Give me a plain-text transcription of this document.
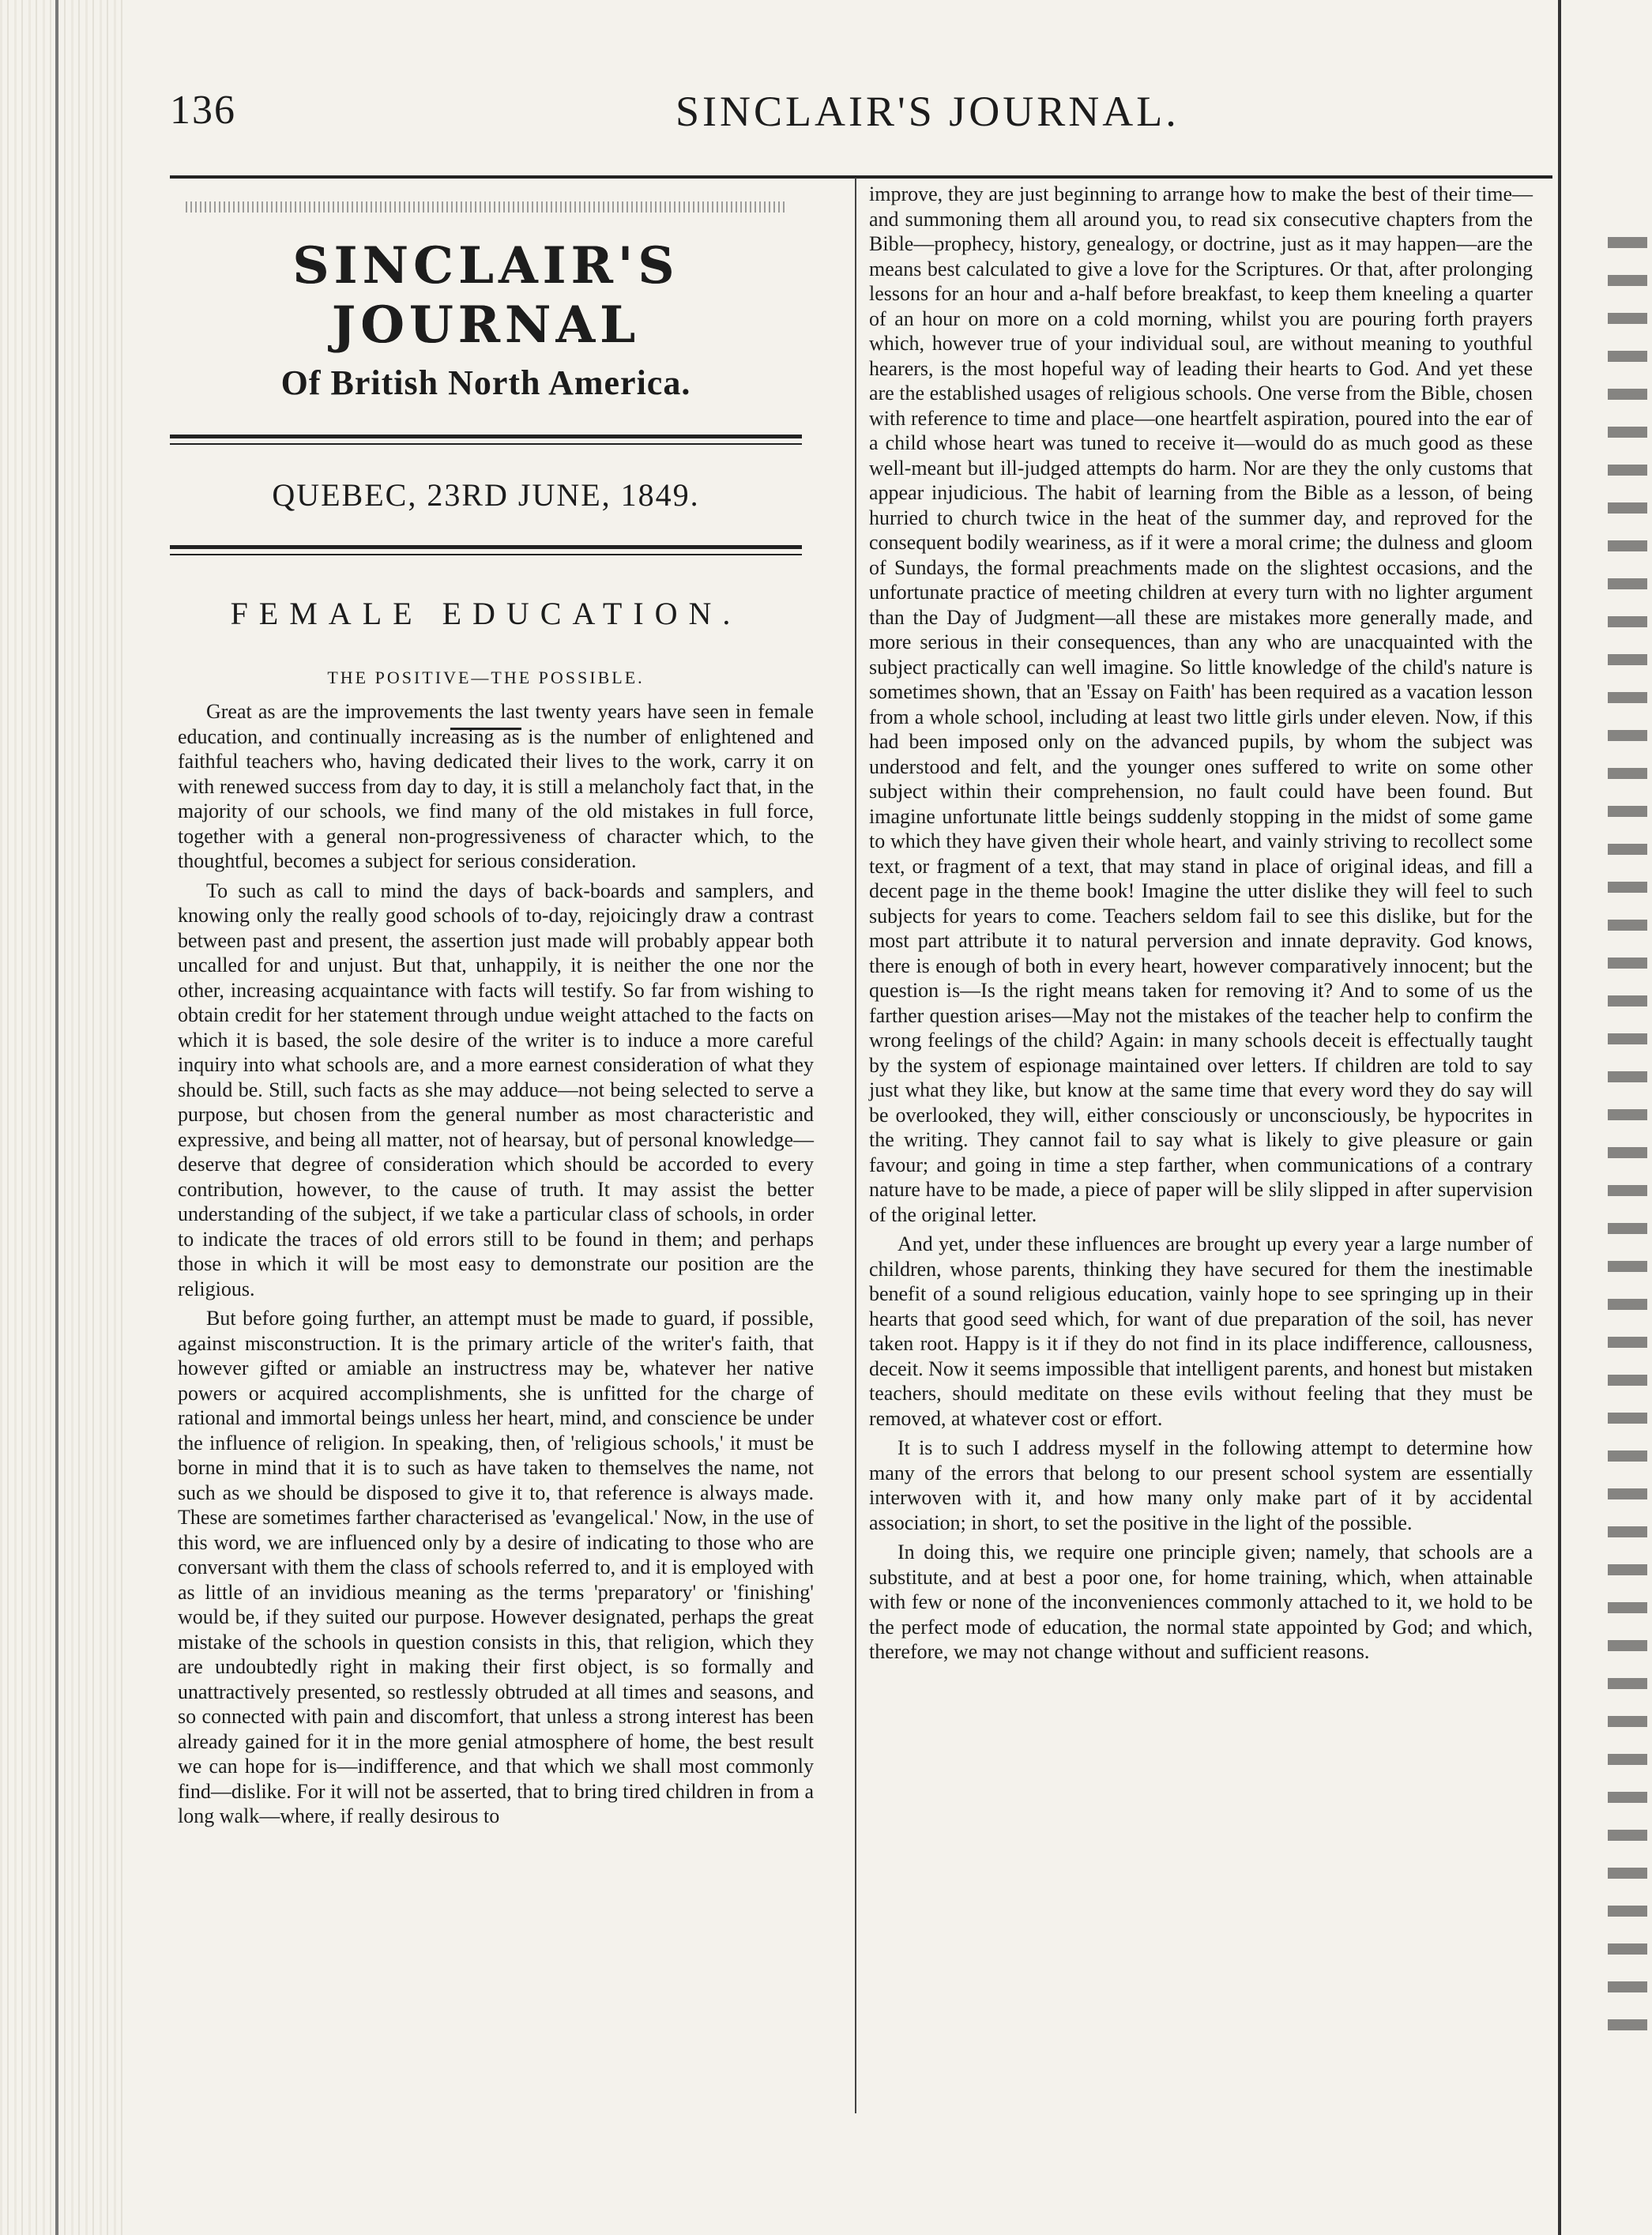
136	SINCLAIR'S JOURNAL.
SINCLAIR'S JOURNAL
Of British North America.
QUEBEC, 23RD JUNE, 1849.
FEMALE EDUCATION.
THE POSITIVE—THE POSSIBLE.

Great as are the improvements the last twenty years have seen in female education, and continually increasing as is the number of enlightened and faithful teachers who, having dedicated their lives to the work, carry it on with renewed success from day to day, it is still a melancholy fact that, in the majority of our schools, we find many of the old mistakes in full force, together with a general non-progressiveness of character which, to the thoughtful, becomes a subject for serious consideration.

To such as call to mind the days of back-boards and samplers, and knowing only the really good schools of to-day, rejoicingly draw a contrast between past and present, the assertion just made will probably appear both uncalled for and unjust. But that, unhappily, it is neither the one nor the other, increasing acquaintance with facts will testify. So far from wishing to obtain credit for her statement through undue weight attached to the facts on which it is based, the sole desire of the writer is to induce a more careful inquiry into what schools are, and a more earnest consideration of what they should be. Still, such facts as she may adduce—not being selected to serve a purpose, but chosen from the general number as most characteristic and expressive, and being all matter, not of hearsay, but of personal knowledge—deserve that degree of consideration which should be accorded to every contribution, however, to the cause of truth. It may assist the better understanding of the subject, if we take a particular class of schools, in order to indicate the traces of old errors still to be found in them; and perhaps those in which it will be most easy to demonstrate our position are the religious.

But before going further, an attempt must be made to guard, if possible, against misconstruction. It is the primary article of the writer's faith, that however gifted or amiable an instructress may be, whatever her native powers or acquired accomplishments, she is unfitted for the charge of rational and immortal beings unless her heart, mind, and conscience be under the influence of religion. In speaking, then, of 'religious schools,' it must be borne in mind that it is to such as have taken to themselves the name, not such as we should be disposed to give it to, that reference is always made. These are sometimes farther characterised as 'evangelical.' Now, in the use of this word, we are influenced only by a desire of indicating to those who are conversant with them the class of schools referred to, and it is employed with as little of an invidious meaning as the terms 'preparatory' or 'finishing' would be, if they suited our purpose. However designated, perhaps the great mistake of the schools in question consists in this, that religion, which they are undoubtedly right in making their first object, is so formally and unattractively presented, so restlessly obtruded at all times and seasons, and so connected with pain and discomfort, that unless a strong interest has been already gained for it in the more genial atmosphere of home, the best result we can hope for is—indifference, and that which we shall most commonly find—dislike. For it will not be asserted, that to bring tired children in from a long walk—where, if really desirous to

improve, they are just beginning to arrange how to make the best of their time—and summoning them all around you, to read six consecutive chapters from the Bible—prophecy, history, genealogy, or doctrine, just as it may happen—are the means best calculated to give a love for the Scriptures. Or that, after prolonging lessons for an hour and a-half before breakfast, to keep them kneeling a quarter of an hour on more on a cold morning, whilst you are pouring forth prayers which, however true of your individual soul, are without meaning to youthful hearers, is the most hopeful way of leading their hearts to God. And yet these are the established usages of religious schools. One verse from the Bible, chosen with reference to time and place—one heartfelt aspiration, poured into the ear of a child whose heart was tuned to receive it—would do as much good as these well-meant but ill-judged attempts do harm. Nor are they the only customs that appear injudicious. The habit of learning from the Bible as a lesson, of being hurried to church twice in the heat of the summer day, and reproved for the consequent bodily weariness, as if it were a moral crime; the dulness and gloom of Sundays, the formal preachments made on the slightest occasions, and the unfortunate practice of meeting children at every turn with no lighter argument than the Day of Judgment—all these are mistakes more generally made, and more serious in their consequences, than any who are unacquainted with the subject practically can well imagine. So little knowledge of the child's nature is sometimes shown, that an 'Essay on Faith' has been required as a vacation lesson from a whole school, including at least two little girls under eleven. Now, if this had been imposed only on the advanced pupils, by whom the subject was understood and felt, and the younger ones suffered to write on some other subject within their comprehension, no fault could have been found. But imagine unfortunate little beings suddenly stopping in the midst of some game to which they have given their whole heart, and vainly striving to recollect some text, or fragment of a text, that may stand in place of original ideas, and fill a decent page in the theme book! Imagine the utter dislike they will feel to such subjects for years to come. Teachers seldom fail to see this dislike, but for the most part attribute it to natural perversion and innate depravity. God knows, there is enough of both in every heart, however comparatively innocent; but the question is—Is the right means taken for removing it? And to some of us the farther question arises—May not the mistakes of the teacher help to confirm the wrong feelings of the child? Again: in many schools deceit is effectually taught by the system of espionage maintained over letters. If children are told to say just what they like, but know at the same time that every word they do say will be overlooked, they will, either consciously or unconsciously, be hypocrites in the writing. They cannot fail to say what is likely to give pleasure or gain favour; and going in time a step farther, when communications of a contrary nature have to be made, a piece of paper will be slily slipped in after supervision of the original letter.

And yet, under these influences are brought up every year a large number of children, whose parents, thinking they have secured for them the inestimable benefit of a sound religious education, vainly hope to see springing up in their hearts that good seed which, for want of due preparation of the soil, has never taken root. Happy is it if they do not find in its place indifference, callousness, deceit. Now it seems impossible that intelligent parents, and honest but mistaken teachers, should meditate on these evils without feeling that they must be removed, at whatever cost or effort.

It is to such I address myself in the following attempt to determine how many of the errors that belong to our present school system are essentially interwoven with it, and how many only make part of it by accidental association; in short, to set the positive in the light of the possible.

In doing this, we require one principle given; namely, that schools are a substitute, and at best a poor one, for home training, which, when attainable with few or none of the inconveniences commonly attached to it, we hold to be the perfect mode of education, the normal state appointed by God; and which, therefore, we may not change without and sufficient reasons.
